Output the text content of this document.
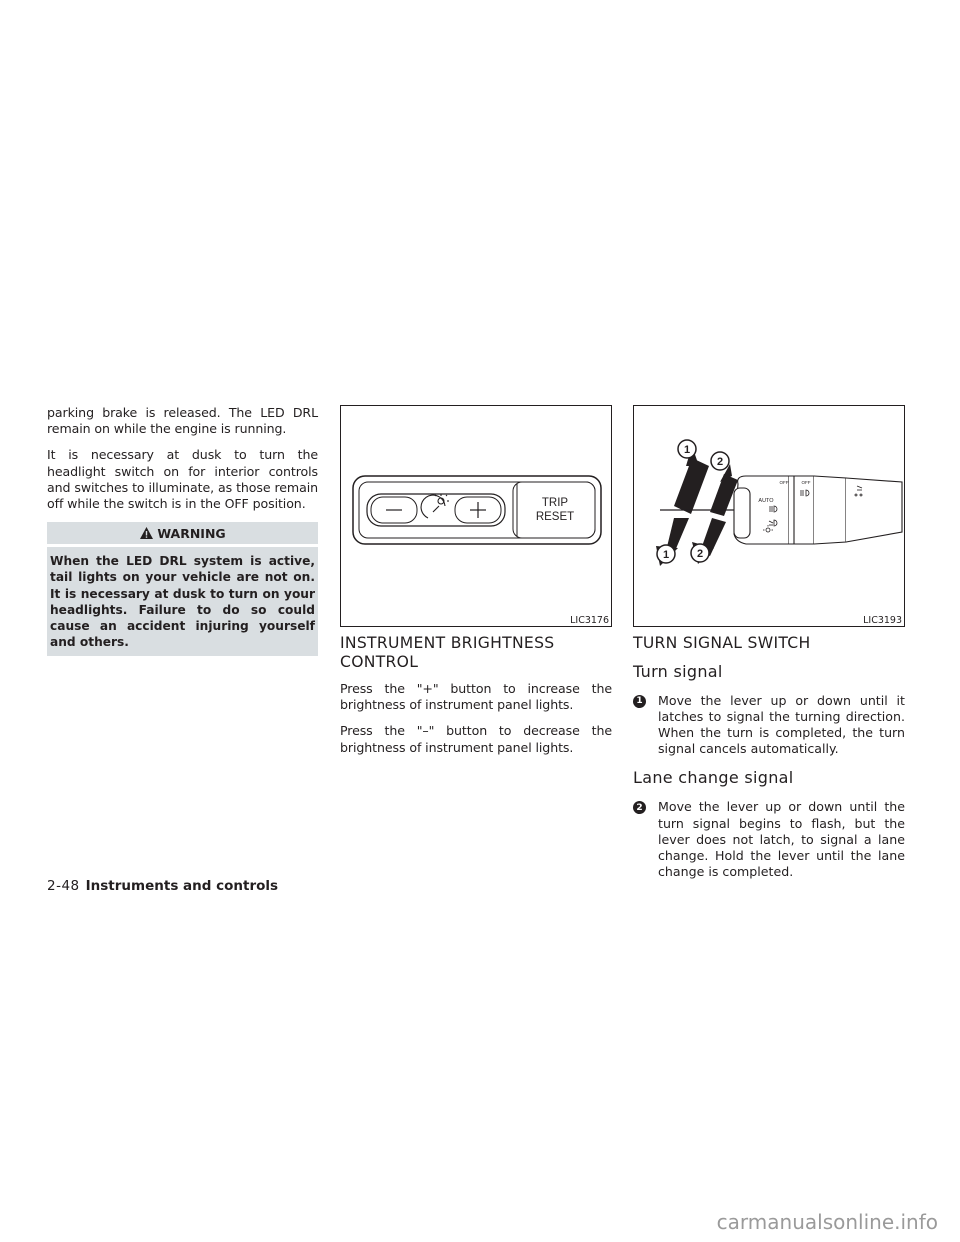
parking brake is released. The LED DRL remain on while the engine is running.

It is necessary at dusk to turn the headlight switch on for interior controls and switches to illuminate, as those remain off while the switch is in the OFF position.

WARNING
When the LED DRL system is active, tail lights on your vehicle are not on. It is necessary at dusk to turn on your headlights. Failure to do so could cause an accident injuring yourself and others.
TRIP
RESET
LIC3176
INSTRUMENT BRIGHTNESS CONTROL

Press the "+" button to increase the brightness of instrument panel lights.

Press the "–" button to decrease the brightness of instrument panel lights.

1
2
1	2
AUTO
OFF	OFF
LIC3193
TURN SIGNAL SWITCH
Turn signal
1 Move the lever up or down until it latches to signal the turning direction. When the turn is completed, the turn signal cancels automatically.

Lane change signal
2 Move the lever up or down until the turn signal begins to flash, but the lever does not latch, to signal a lane change. Hold the lever until the lane change is completed.

2-48 Instruments and controls
carmanualsonline.info
